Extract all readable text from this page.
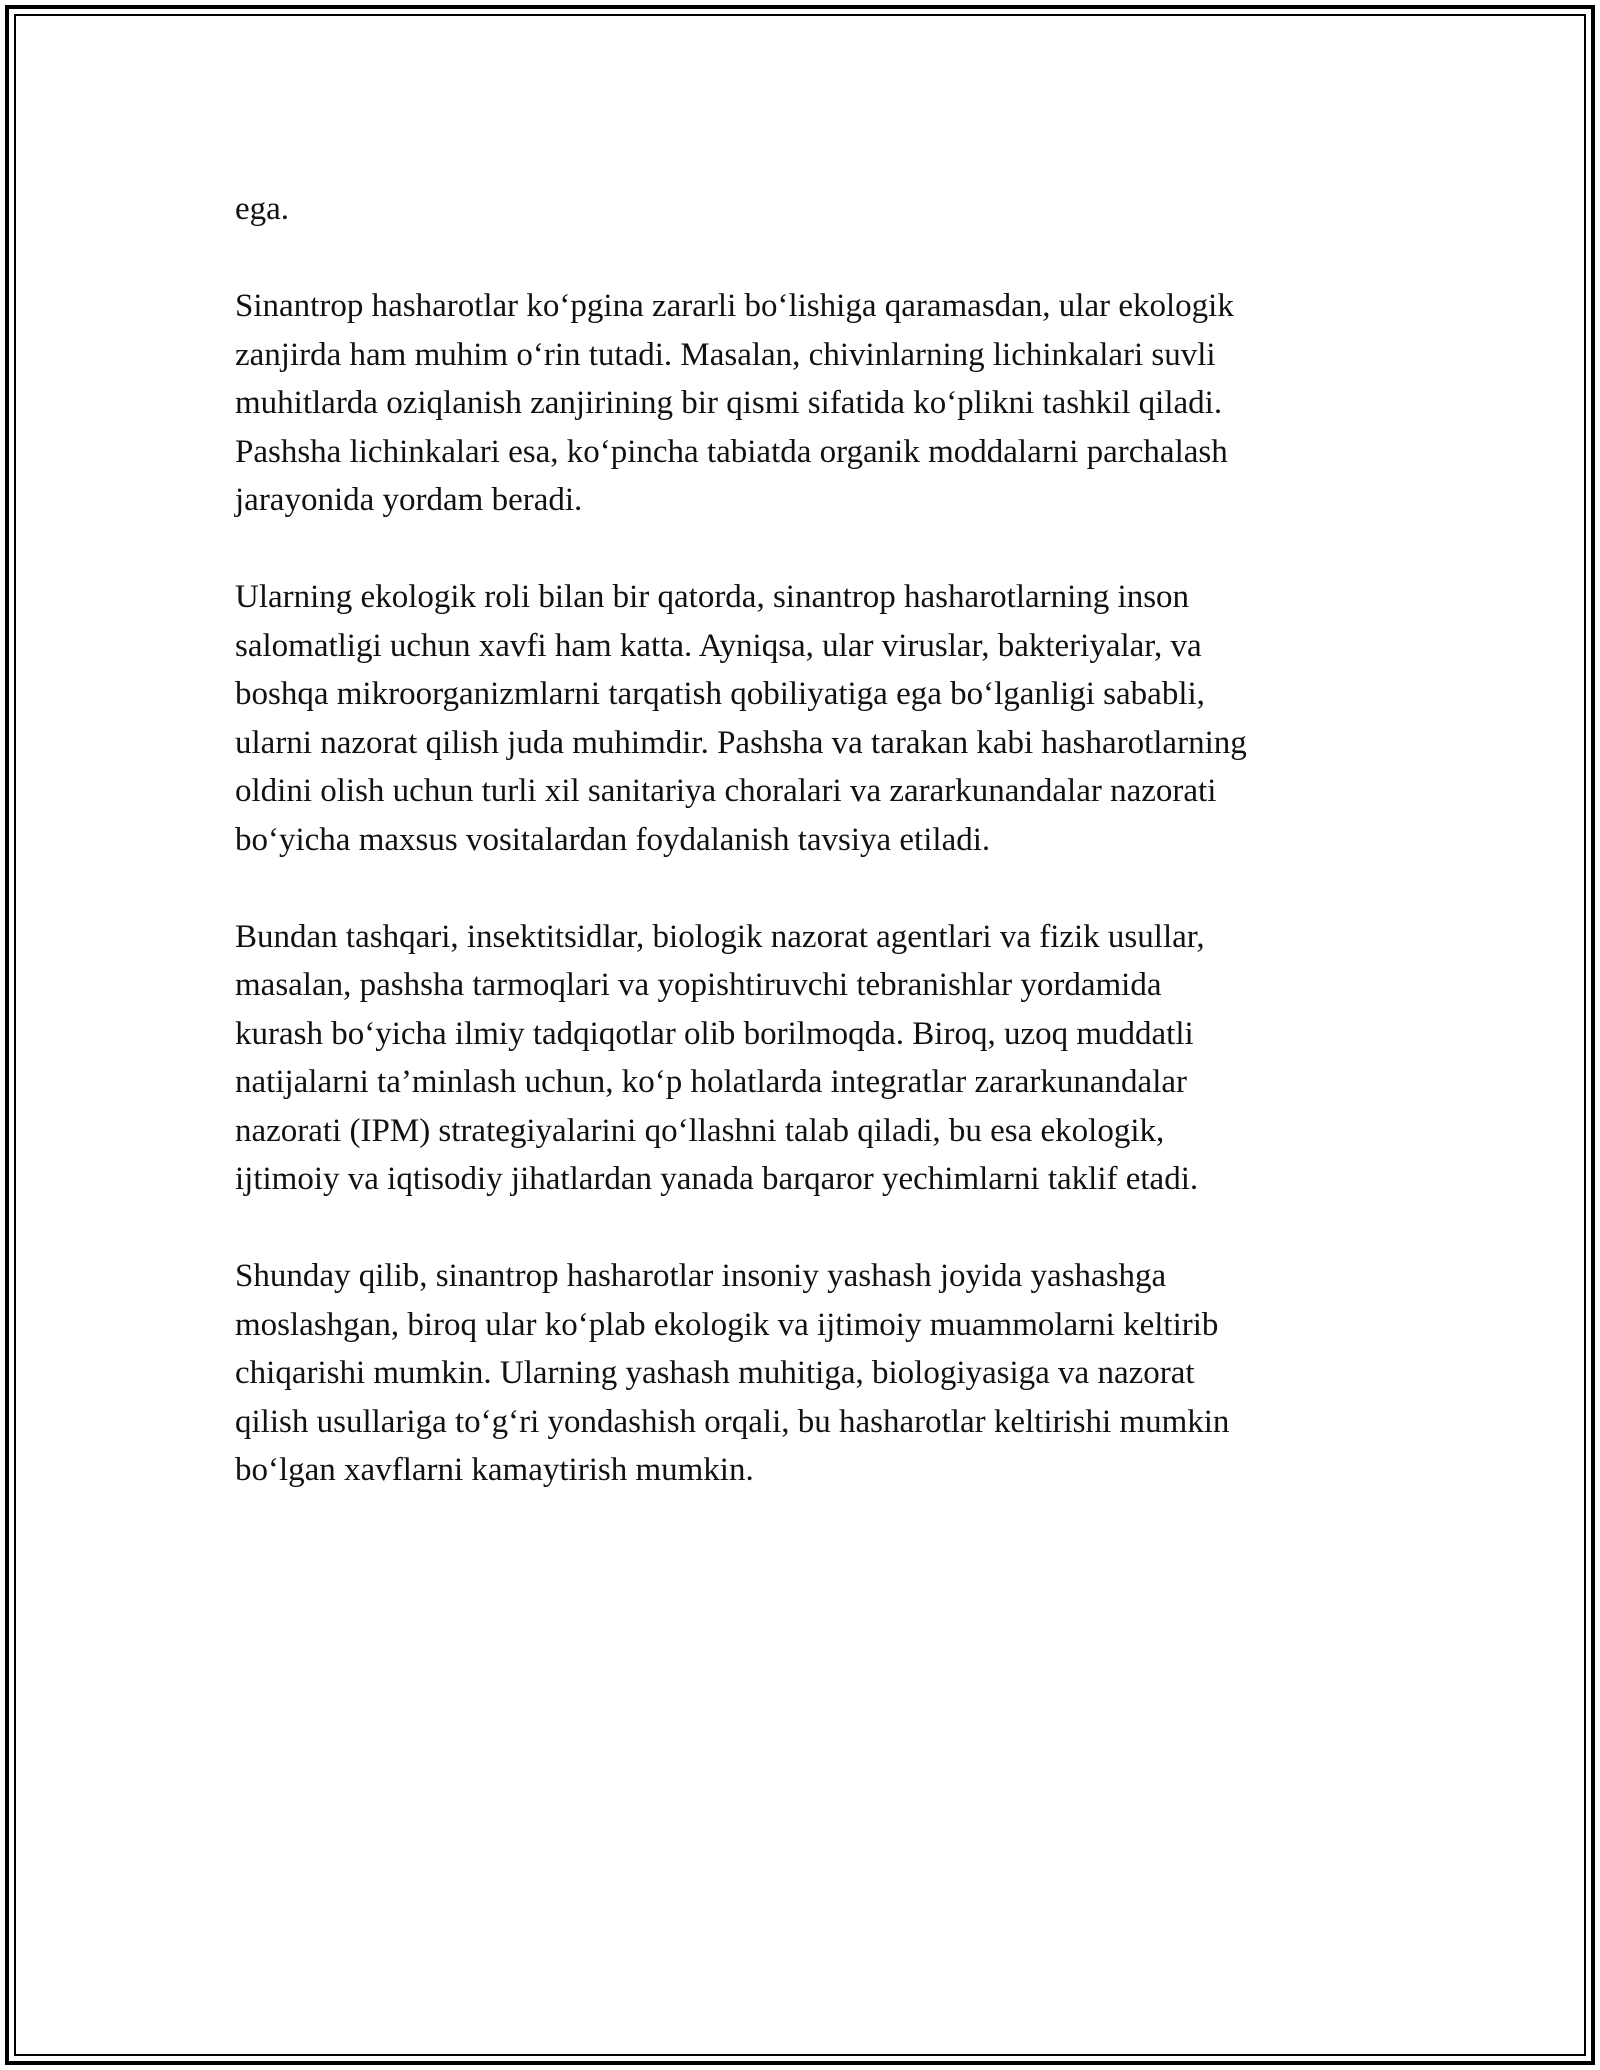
ega.

Sinantrop hasharotlar ko‘pgina zararli bo‘lishiga qaramasdan, ular ekologik
zanjirda ham muhim o‘rin tutadi. Masalan, chivinlarning lichinkalari suvli
muhitlarda oziqlanish zanjirining bir qismi sifatida ko‘plikni tashkil qiladi.
Pashsha lichinkalari esa, ko‘pincha tabiatda organik moddalarni parchalash
jarayonida yordam beradi.

Ularning ekologik roli bilan bir qatorda, sinantrop hasharotlarning inson
salomatligi uchun xavfi ham katta. Ayniqsa, ular viruslar, bakteriyalar, va
boshqa mikroorganizmlarni tarqatish qobiliyatiga ega bo‘lganligi sababli,
ularni nazorat qilish juda muhimdir. Pashsha va tarakan kabi hasharotlarning
oldini olish uchun turli xil sanitariya choralari va zararkunandalar nazorati
bo‘yicha maxsus vositalardan foydalanish tavsiya etiladi.

Bundan tashqari, insektitsidlar, biologik nazorat agentlari va fizik usullar,
masalan, pashsha tarmoqlari va yopishtiruvchi tebranishlar yordamida
kurash bo‘yicha ilmiy tadqiqotlar olib borilmoqda. Biroq, uzoq muddatli
natijalarni ta’minlash uchun, ko‘p holatlarda integratlar zararkunandalar
nazorati (IPM) strategiyalarini qo‘llashni talab qiladi, bu esa ekologik,
ijtimoiy va iqtisodiy jihatlardan yanada barqaror yechimlarni taklif etadi.

Shunday qilib, sinantrop hasharotlar insoniy yashash joyida yashashga
moslashgan, biroq ular ko‘plab ekologik va ijtimoiy muammolarni keltirib
chiqarishi mumkin. Ularning yashash muhitiga, biologiyasiga va nazorat
qilish usullariga to‘g‘ri yondashish orqali, bu hasharotlar keltirishi mumkin
bo‘lgan xavflarni kamaytirish mumkin.
